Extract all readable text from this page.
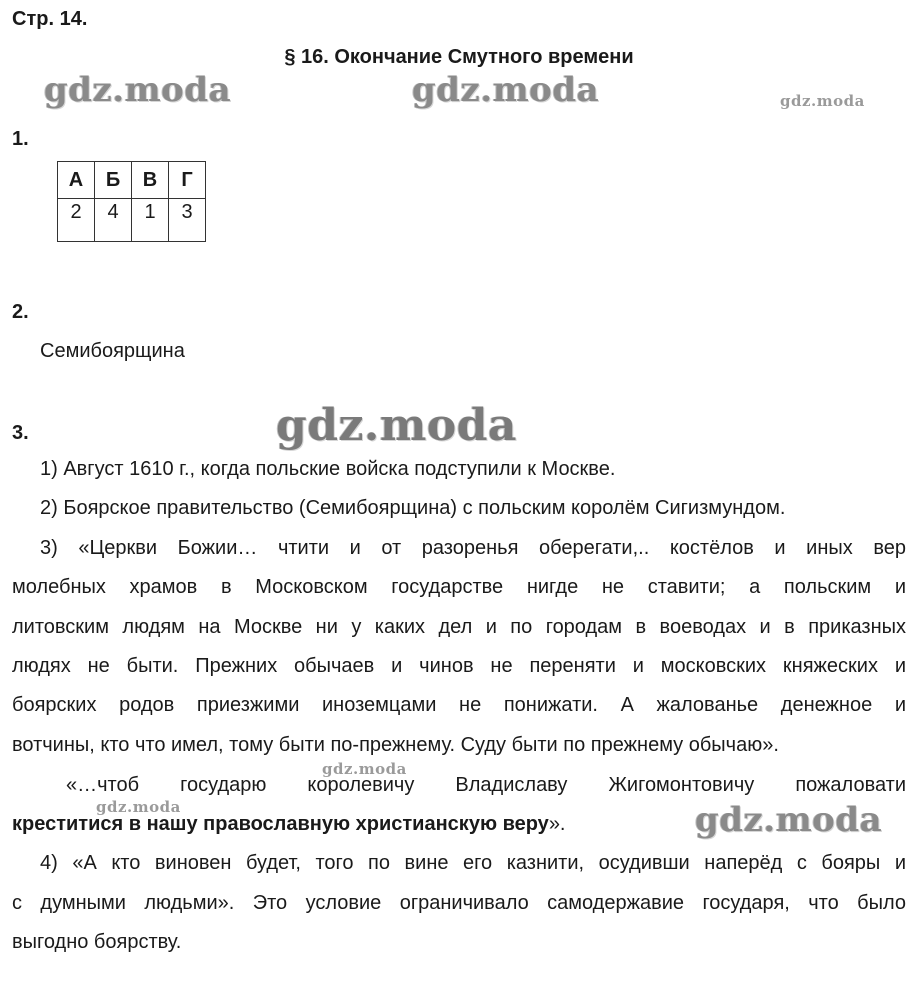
Стр. 14.
§ 16. Окончание Смутного времени
gdz.moda	gdz.moda	gdz.moda
gdz.moda
gdz.moda
gdz.moda	gdz.moda
1.
А	Б	В	Г
2	4	1	3
2.
Семибоярщина
3.
1) Август 1610 г., когда польские войска подступили к Москве.
2) Боярское правительство (Семибоярщина) с польским королём Сигизмундом.
3) «Церкви Божии… чтити и от разоренья оберегати,.. костёлов и иных вер
молебных храмов в Московском государстве нигде не ставити; а польским и
литовским людям на Москве ни у каких дел и по городам в воеводах и в приказных
людях не быти. Прежних обычаев и чинов не переняти и московских княжеских и
боярских родов приезжими иноземцами не понижати. А жалованье денежное и
вотчины, кто что имел, тому быти по-прежнему. Суду быти по прежнему обычаю».
«…чтоб государю королевичу Владиславу Жигомонтовичу пожаловати
креститися в нашу православную христианскую веру».
4) «А кто виновен будет, того по вине его казнити, осудивши наперёд с бояры и
с думными людьми». Это условие ограничивало самодержавие государя, что было
выгодно боярству.
